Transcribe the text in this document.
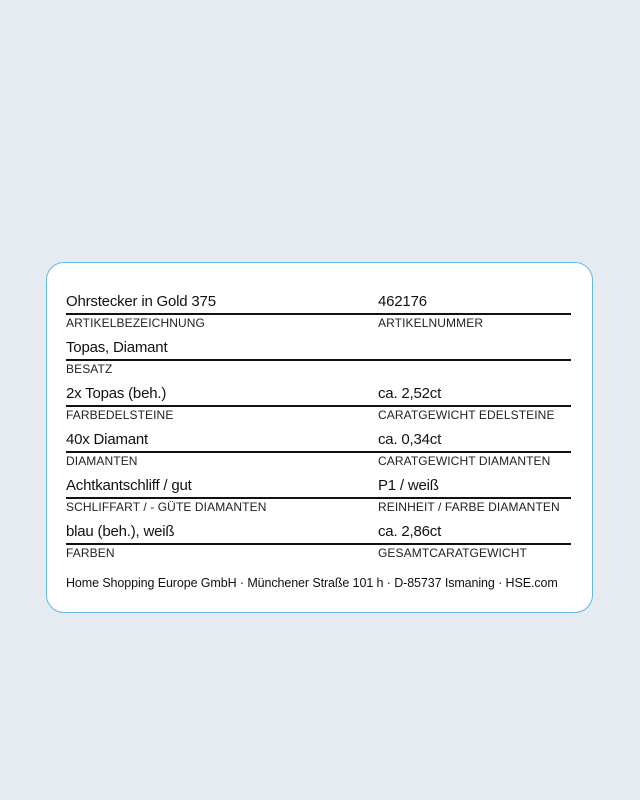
Ohrstecker in Gold 375
ARTIKELBEZEICHNUNG
462176
ARTIKELNUMMER
Topas, Diamant
BESATZ
2x Topas (beh.)
FARBEDELSTEINE
ca. 2,52ct
CARATGEWICHT EDELSTEINE
40x Diamant
DIAMANTEN
ca. 0,34ct
CARATGEWICHT DIAMANTEN
Achtkantschliff / gut
SCHLIFFART / - GÜTE DIAMANTEN
P1 / weiß
REINHEIT / FARBE DIAMANTEN
blau (beh.), weiß
FARBEN
ca. 2,86ct
GESAMTCARATGEWICHT
Home Shopping Europe GmbH · Münchener Straße 101 h · D-85737 Ismaning · HSE.com
